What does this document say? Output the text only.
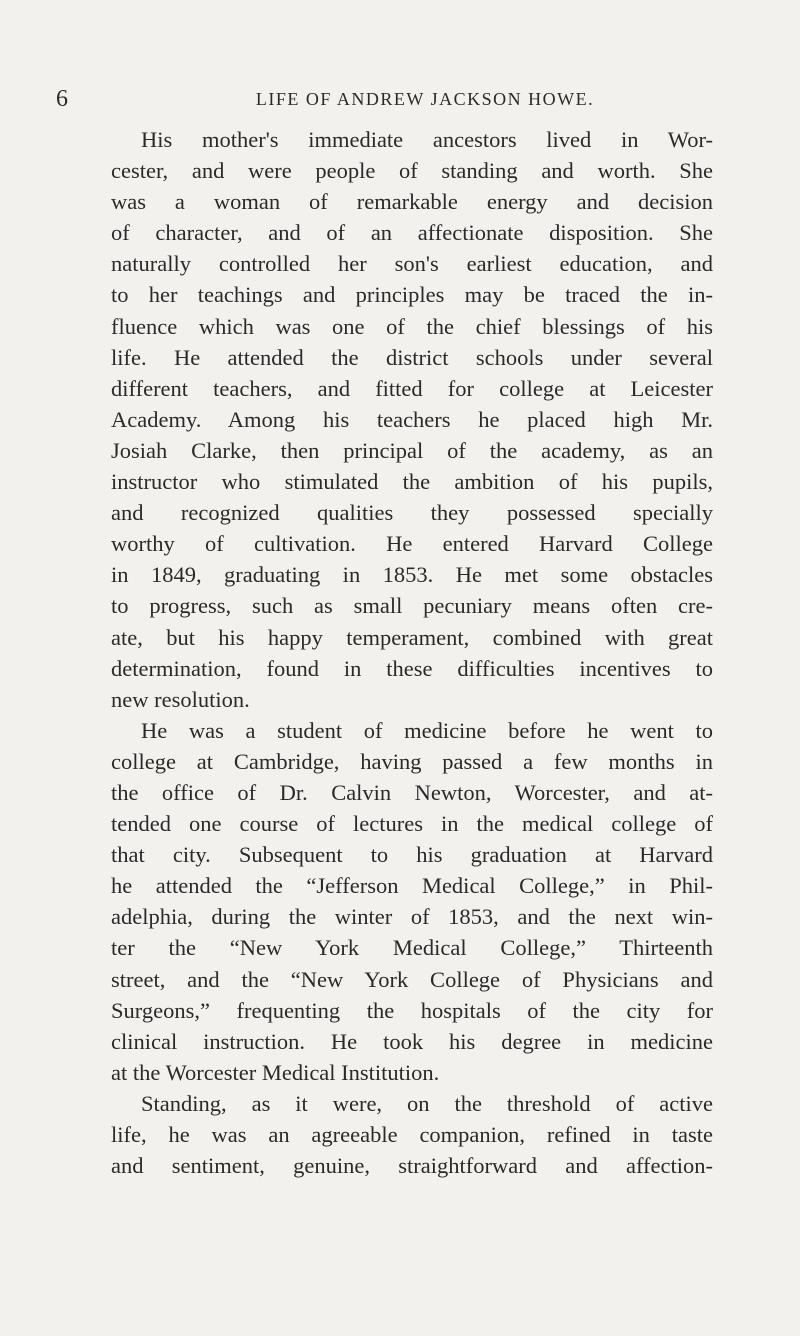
6	LIFE OF ANDREW JACKSON HOWE.
His mother's immediate ancestors lived in Wor-
cester, and were people of standing and worth. She
was a woman of remarkable energy and decision
of character, and of an affectionate disposition. She
naturally controlled her son's earliest education, and
to her teachings and principles may be traced the in-
fluence which was one of the chief blessings of his
life. He attended the district schools under several
different teachers, and fitted for college at Leicester
Academy. Among his teachers he placed high Mr.
Josiah Clarke, then principal of the academy, as an
instructor who stimulated the ambition of his pupils,
and recognized qualities they possessed specially
worthy of cultivation. He entered Harvard College
in 1849, graduating in 1853. He met some obstacles
to progress, such as small pecuniary means often cre-
ate, but his happy temperament, combined with great
determination, found in these difficulties incentives to
new resolution.
He was a student of medicine before he went to
college at Cambridge, having passed a few months in
the office of Dr. Calvin Newton, Worcester, and at-
tended one course of lectures in the medical college of
that city. Subsequent to his graduation at Harvard
he attended the “Jefferson Medical College,” in Phil-
adelphia, during the winter of 1853, and the next win-
ter the “New York Medical College,” Thirteenth
street, and the “New York College of Physicians and
Surgeons,” frequenting the hospitals of the city for
clinical instruction. He took his degree in medicine
at the Worcester Medical Institution.
Standing, as it were, on the threshold of active
life, he was an agreeable companion, refined in taste
and sentiment, genuine, straightforward and affection-
